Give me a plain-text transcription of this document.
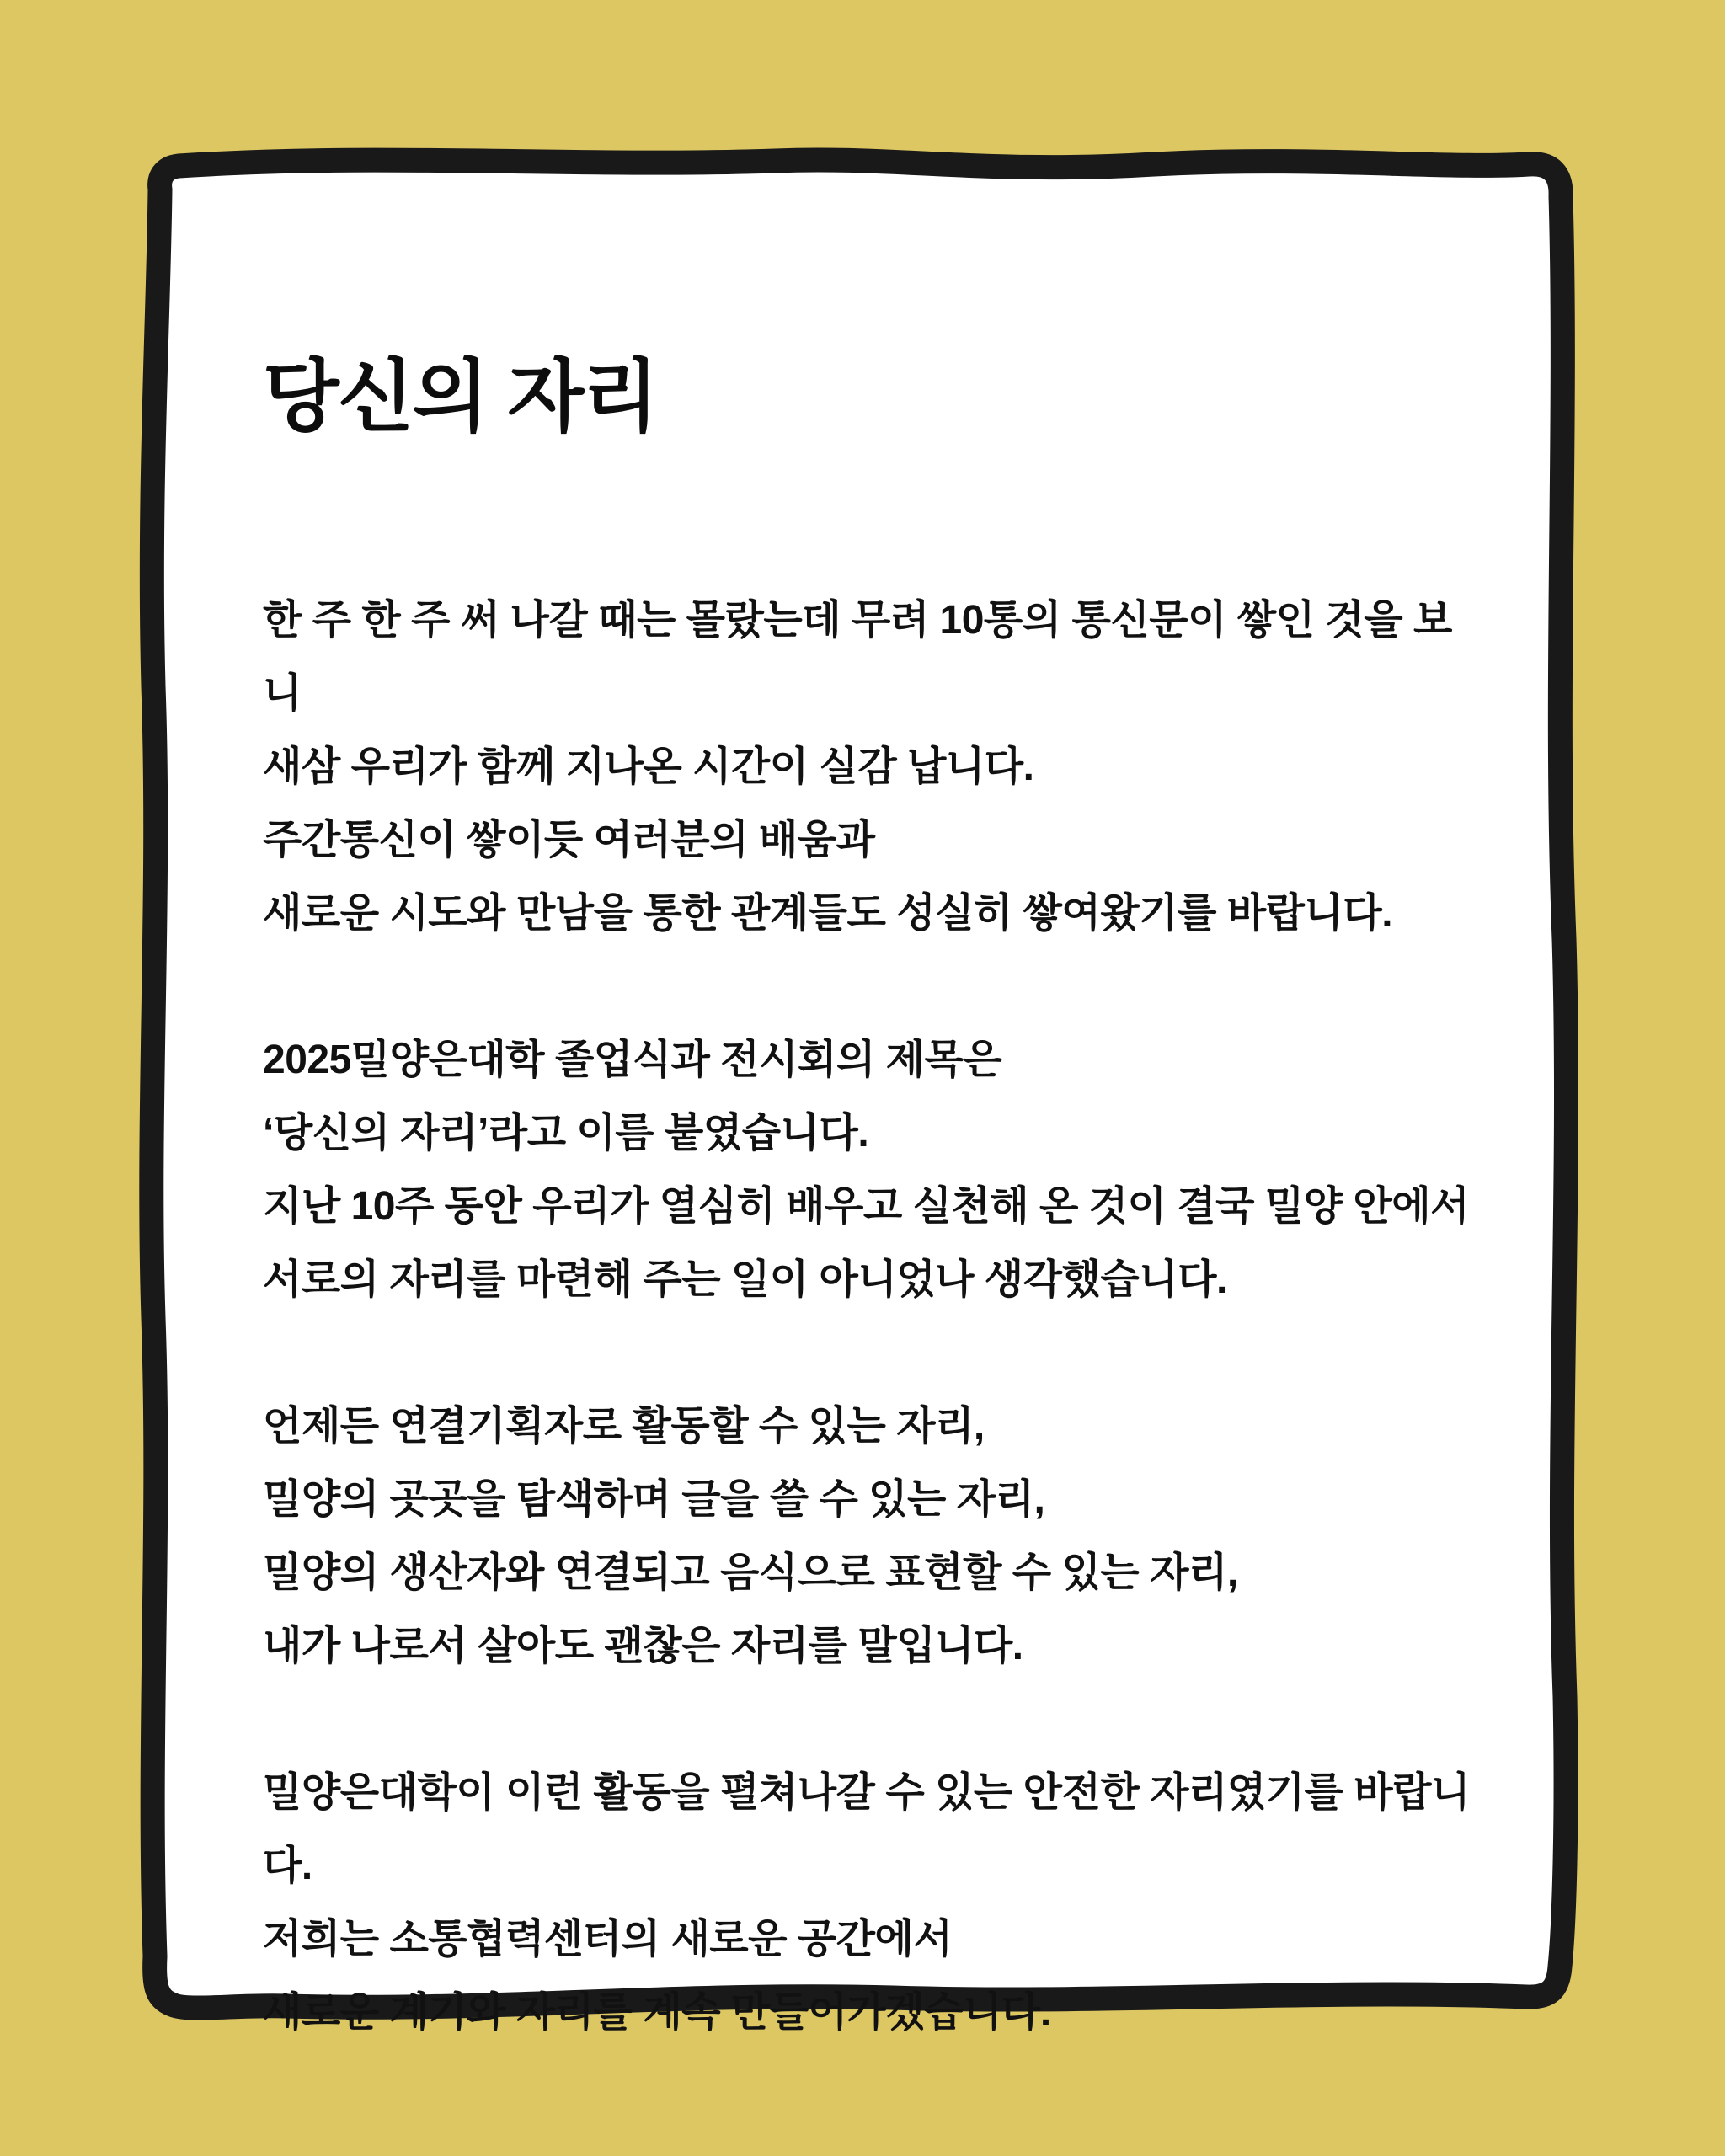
당신의 자리

한 주 한 주 써 나갈 때는 몰랐는데 무려 10통의 통신문이 쌓인 것을 보니
새삼 우리가 함께 지나온 시간이 실감 납니다.
주간통신이 쌓이듯 여러분의 배움과
새로운 시도와 만남을 통한 관계들도 성실히 쌓여왔기를 바랍니다.

2025밀양은대학 졸업식과 전시회의 제목은
‘당신의 자리’라고 이름 붙였습니다.
지난 10주 동안 우리가 열심히 배우고 실천해 온 것이 결국 밀양 안에서
서로의 자리를 마련해 주는 일이 아니었나 생각했습니다.

언제든 연결기획자로 활동할 수 있는 자리,
밀양의 곳곳을 탐색하며 글을 쓸 수 있는 자리,
밀양의 생산자와 연결되고 음식으로 표현할 수 있는 자리,
내가 나로서 살아도 괜찮은 자리를 말입니다.

밀양은대학이 이런 활동을 펼쳐나갈 수 있는 안전한 자리였기를 바랍니다.
저희는 소통협력센터의 새로운 공간에서
새로운 계기와 자리를 계속 만들어가겠습니다.
